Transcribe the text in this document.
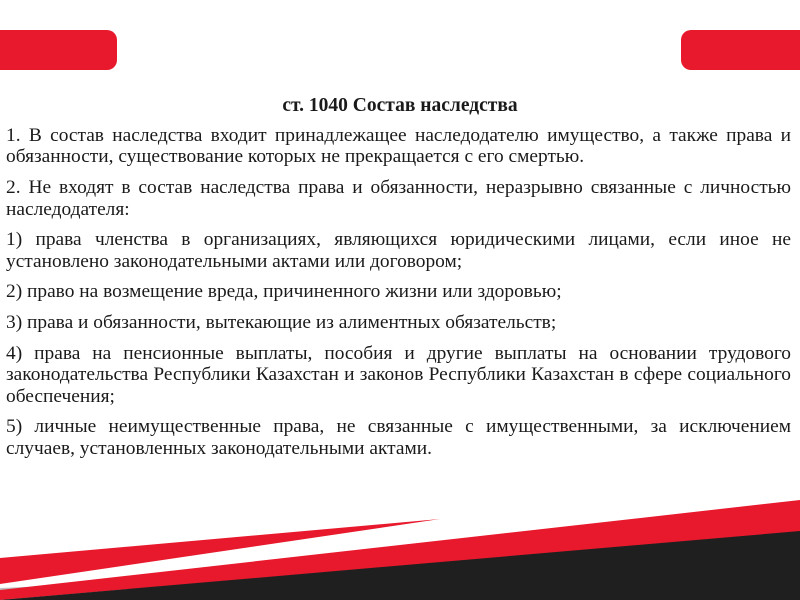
ст. 1040 Состав наследства

1. В состав наследства входит принадлежащее наследодателю имущество, а также права и обязанности, существование которых не прекращается с его смертью.

2. Не входят в состав наследства права и обязанности, неразрывно связанные с личностью наследодателя:

1) права членства в организациях, являющихся юридическими лицами, если иное не установлено законодательными актами или договором;

2) право на возмещение вреда, причиненного жизни или здоровью;

3) права и обязанности, вытекающие из алиментных обязательств;

4) права на пенсионные выплаты, пособия и другие выплаты на основании трудового законодательства Республики Казахстан и законов Республики Казахстан в сфере социального обеспечения;

5) личные неимущественные права, не связанные с имущественными, за исключением случаев, установленных законодательными актами.
